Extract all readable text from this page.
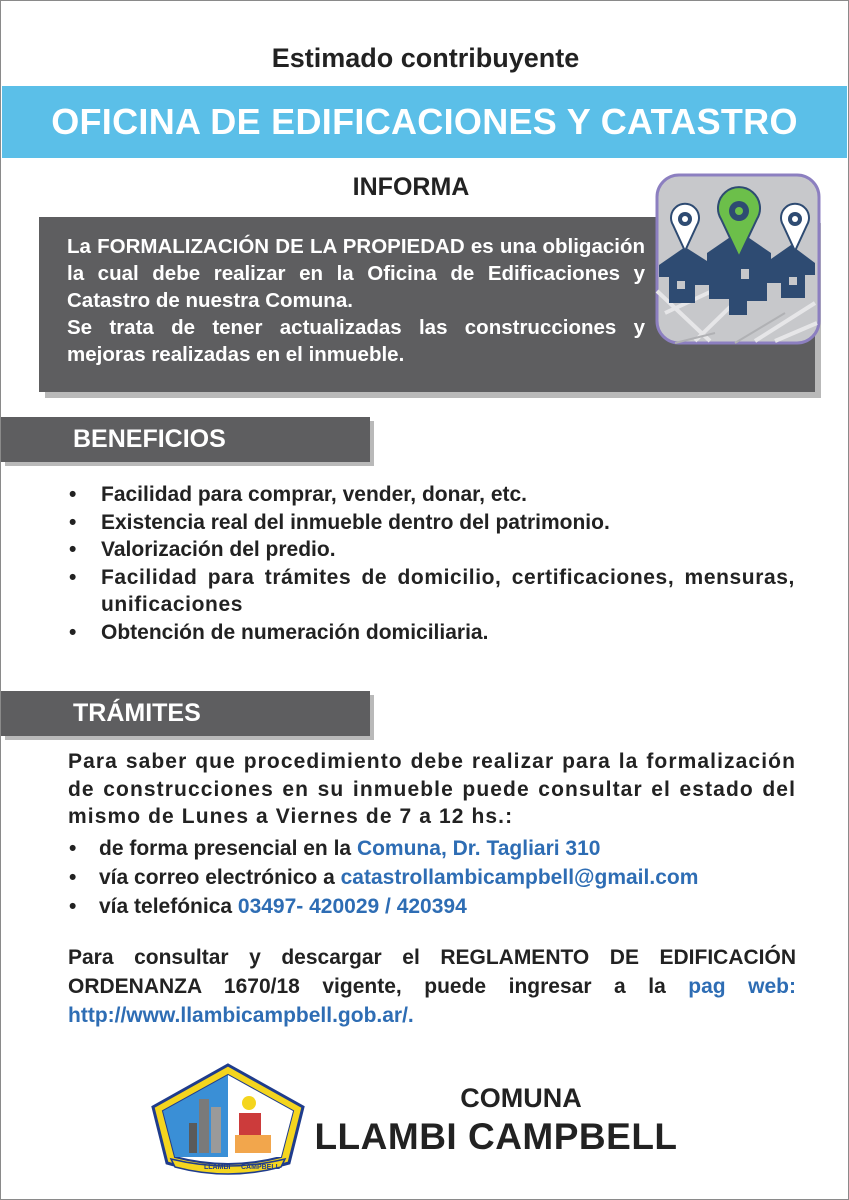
Estimado contribuyente
OFICINA DE EDIFICACIONES Y CATASTRO
INFORMA

La FORMALIZACIÓN DE LA PROPIEDAD es una obligación la cual debe realizar en la Oficina de Edificaciones y Catastro de nuestra Comuna.

Se trata de tener actualizadas las construcciones y mejoras realizadas en el inmueble.

BENEFICIOS
• Facilidad para comprar, vender, donar, etc.
• Existencia real del inmueble dentro del patrimonio.
• Valorización del predio.
• Facilidad para trámites de domicilio, certificaciones, mensuras, unificaciones
• Obtención de numeración domiciliaria.
TRÁMITES

Para saber que procedimiento debe realizar para la formalización de construcciones en su inmueble puede consultar el estado del mismo de Lunes a Viernes de 7 a 12 hs.:

• de forma presencial en la Comuna, Dr. Tagliari 310
• vía correo electrónico a catastrollambicampbell@gmail.com
• vía telefónica 03497- 420029 / 420394

Para consultar y descargar el REGLAMENTO DE EDIFICACIÓN ORDENANZA 1670/18 vigente, puede ingresar a la pag web: http://www.llambicampbell.gob.ar/.

LLAMBI CAMPBELL
COMUNA
LLAMBI CAMPBELL
